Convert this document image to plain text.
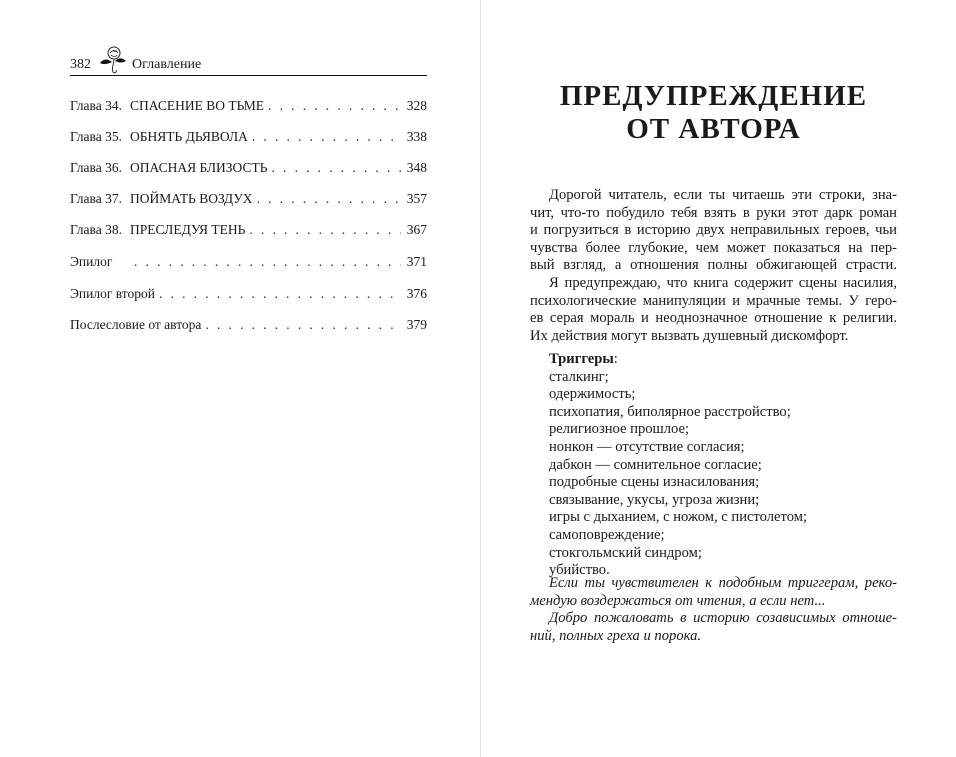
382	Оглавление
Глава 34. СПАСЕНИЕ ВО ТЬМЕ . . .	328
Глава 35. ОБНЯТЬ ДЬЯВОЛА . . .	338
Глава 36. ОПАСНАЯ БЛИЗОСТЬ . . .	348
Глава 37. ПОЙМАТЬ ВОЗДУХ . . .	357
Глава 38. ПРЕСЛЕДУЯ ТЕНЬ . . .	367
Эпилог . . .	371
Эпилог второй . . .	376
Послесловие от автора . . .	379
ПРЕДУПРЕЖДЕНИЕ
ОТ АВТОРА
Дорогой читатель, если ты читаешь эти строки, зна-
чит, что-то побудило тебя взять в руки этот дарк роман
и погрузиться в историю двух неправильных героев, чьи
чувства более глубокие, чем может показаться на пер-
вый взгляд, а отношения полны обжигающей страсти.
Я предупреждаю, что книга содержит сцены насилия,
психологические манипуляции и мрачные темы. У геро-
ев серая мораль и неоднозначное отношение к религии.
Их действия могут вызвать душевный дискомфорт.
Триггеры:
сталкинг;
одержимость;
психопатия, биполярное расстройство;
религиозное прошлое;
нонкон — отсутствие согласия;
дабкон — сомнительное согласие;
подробные сцены изнасилования;
связывание, укусы, угроза жизни;
игры с дыханием, с ножом, с пистолетом;
самоповреждение;
стокгольмский синдром;
убийство.
Если ты чувствителен к подобным триггерам, реко-
мендую воздержаться от чтения, а если нет...
Добро пожаловать в историю созависимых отноше-
ний, полных греха и порока.
